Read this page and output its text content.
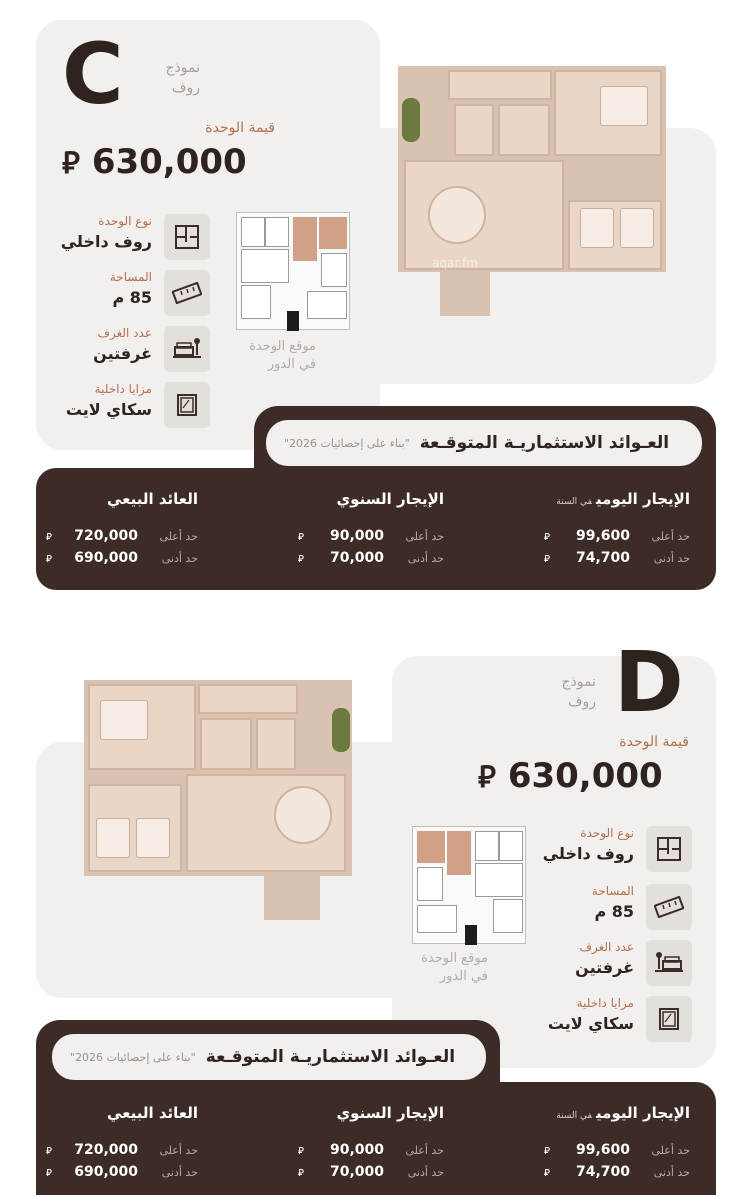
C	نموذج
روف
قيمة الوحدة
⃁ 630,000
نوع الوحدة
روف داخلي
المساحة
85 م
عدد الغرف
غرفتين
مزايا داخلية
سكاي لايت
موقع الوحدة
في الدور
aqar.fm
العـوائد الاستثماريـة المتوقـعة
"بناء على إحصائيات 2026"
الإيجار اليوميفي السنة
حد أعلى
99,600
⃁
حد أدنى
74,700
⃁
الإيجار السنوي
حد أعلى
90,000
⃁
حد أدنى
70,000
⃁
العائد البيعي
حد أعلى
720,000
⃁
حد أدنى
690,000
⃁
D
نموذج
روف
قيمة الوحدة
⃁ 630,000
نوع الوحدة
روف داخلي
المساحة
85 م
عدد الغرف
غرفتين
مزايا داخلية
سكاي لايت
موقع الوحدة
في الدور
العـوائد الاستثماريـة المتوقـعة
"بناء على إحصائيات 2026"
الإيجار اليوميفي السنة
حد أعلى
99,600
⃁
حد أدنى
74,700
⃁
الإيجار السنوي
حد أعلى
90,000
⃁
حد أدنى
70,000
⃁
العائد البيعي
حد أعلى
720,000
⃁
حد أدنى
690,000
⃁
